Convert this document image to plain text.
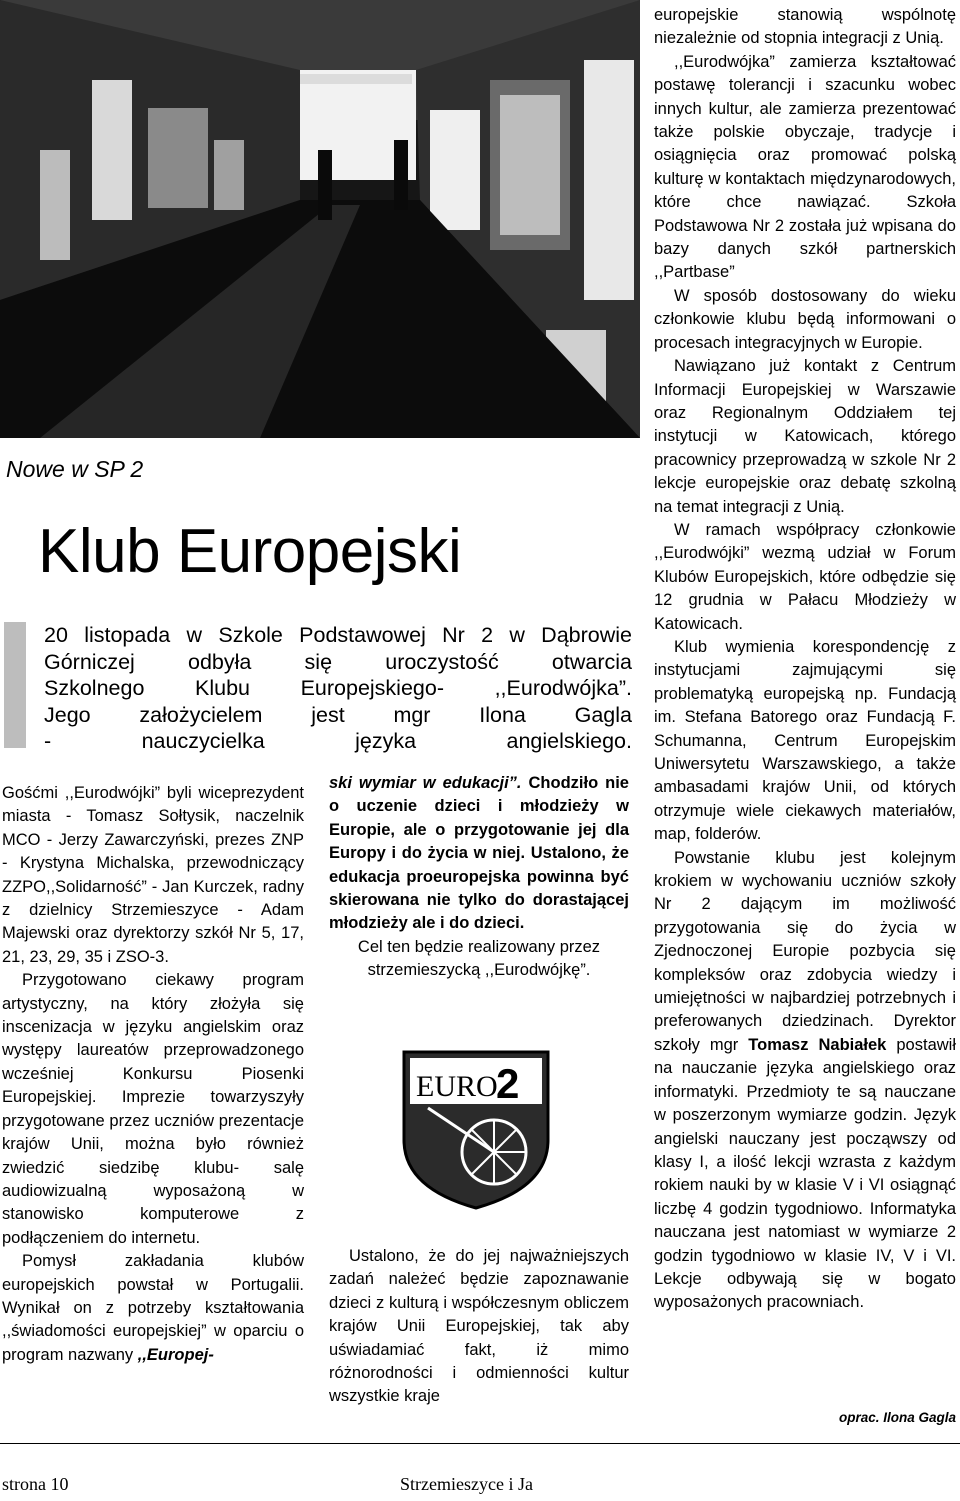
Nowe w SP 2
Klub Europejski
20 listopada w Szkole Podstawowej Nr 2 w Dąbrowie
Górniczej odbyła się uroczystość otwarcia
Szkolnego Klubu Europejskiego- ,,Eurodwójka”.
Jego założycielem jest mgr Ilona Gagla
- nauczycielka języka angielskiego.

Gośćmi ,,Eurodwójki” byli wiceprezydent miasta - Tomasz Sołtysik, naczelnik MCO - Jerzy Zawarczyński, prezes ZNP - Krystyna Michalska, przewodniczący ZZPO,,Solidarność” - Jan Kurczek, radny z dzielnicy Strzemieszyce - Adam Majewski oraz dyrektorzy szkół Nr 5, 17, 21, 23, 29, 35 i ZSO-3.

Przygotowano ciekawy program artystyczny, na który złożyła się inscenizacja w języku angielskim oraz występy laureatów przeprowadzonego wcześniej Konkursu Piosenki Europejskiej. Imprezie towarzyszyły przygotowane przez uczniów prezentacje krajów Unii, można było również zwiedzić siedzibę klubu- salę audiowizualną wyposażoną w stanowisko komputerowe z podłączeniem do internetu.

Pomysł zakładania klubów europejskich powstał w Portugalii. Wynikał on z potrzeby kształtowania ,,świadomości europejskiej” w oparciu o program nazwany ,,Europej-

ski wymiar w edukacji”. Chodziło nie o uczenie dzieci i młodzieży w Europie, ale o przygotowanie jej dla Europy i do życia w niej. Ustalono, że edukacja proeuropejska powinna być skierowana nie tylko do dorastającej młodzieży ale i do dzieci.

Cel ten będzie realizowany przez strzemieszycką ,,Eurodwójkę”.

EURO
2

Ustalono, że do jej najważniejszych zadań należeć będzie zapoznawanie dzieci z kulturą i współczesnym obliczem krajów Unii Europejskiej, tak aby uświadamiać fakt, iż mimo różnorodności i odmienności kultur wszystkie kraje

europejskie stanowią wspólnotę niezależnie od stopnia integracji z Unią.

,,Eurodwójka” zamierza kształtować postawę tolerancji i szacunku wobec innych kultur, ale zamierza prezentować także polskie obyczaje, tradycje i osiągnięcia oraz promować polską kulturę w kontaktach międzynarodowych, które chce nawiązać. Szkoła Podstawowa Nr 2 została już wpisana do bazy danych szkół partnerskich ,,Partbase”

W sposób dostosowany do wieku członkowie klubu będą informowani o procesach integracyjnych w Europie.

Nawiązano już kontakt z Centrum Informacji Europejskiej w Warszawie oraz Regionalnym Oddziałem tej instytucji w Katowicach, którego pracownicy przeprowadzą w szkole Nr 2 lekcje europejskie oraz debatę szkolną na temat integracji z Unią.

W ramach współpracy członkowie ,,Eurodwójki” wezmą udział w Forum Klubów Europejskich, które odbędzie się 12 grudnia w Pałacu Młodzieży w Katowicach.

Klub wymienia korespondencję z instytucjami zajmującymi się problematyką europejską np. Fundacją im. Stefana Batorego oraz Fundacją F. Schumanna, Centrum Europejskim Uniwersytetu Warszawskiego, a także ambasadami krajów Unii, od których otrzymuje wiele ciekawych materiałów, map, folderów.

Powstanie klubu jest kolejnym krokiem w wychowaniu uczniów szkoły Nr 2 dającym im możliwość przygotowania się do życia w Zjednoczonej Europie pozbycia się kompleksów oraz zdobycia wiedzy i umiejętności w najbardziej potrzebnych i preferowanych dziedzinach. Dyrektor szkoły mgr Tomasz Nabiałek postawił na nauczanie języka angielskiego oraz informatyki. Przedmioty te są nauczane w poszerzonym wymiarze godzin. Język angielski nauczany jest począwszy od klasy I, a ilość lekcji wzrasta z każdym rokiem nauki by w klasie V i VI osiągnąć liczbę 4 godzin tygodniowo. Informatyka nauczana jest natomiast w wymiarze 2 godzin tygodniowo w klasie IV, V i VI. Lekcje odbywają się w bogato wyposażonych pracowniach.

oprac. Ilona Gagla
strona 10	Strzemieszyce i Ja
